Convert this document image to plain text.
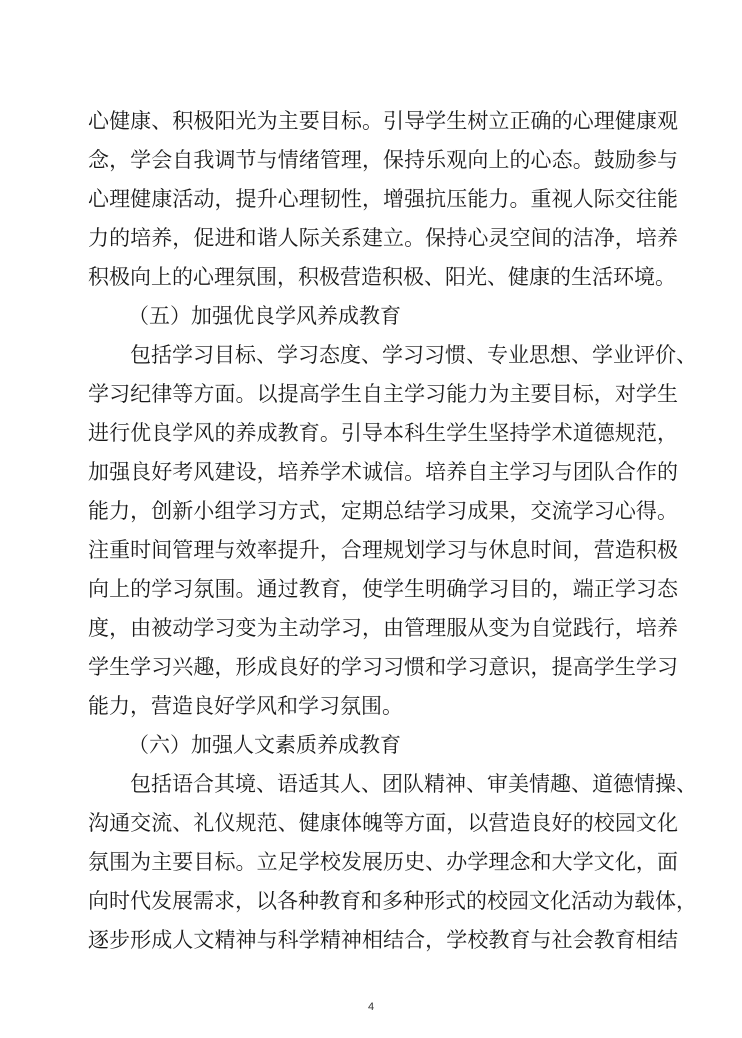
心健康、积极阳光为主要目标。引导学生树立正确的心理健康观
念，学会自我调节与情绪管理，保持乐观向上的心态。鼓励参与
心理健康活动，提升心理韧性，增强抗压能力。重视人际交往能
力的培养，促进和谐人际关系建立。保持心灵空间的洁净，培养
积极向上的心理氛围，积极营造积极、阳光、健康的生活环境。
（五）加强优良学风养成教育
包括学习目标、学习态度、学习习惯、专业思想、学业评价、
学习纪律等方面。以提高学生自主学习能力为主要目标，对学生
进行优良学风的养成教育。引导本科生学生坚持学术道德规范，
加强良好考风建设，培养学术诚信。培养自主学习与团队合作的
能力，创新小组学习方式，定期总结学习成果，交流学习心得。
注重时间管理与效率提升，合理规划学习与休息时间，营造积极
向上的学习氛围。通过教育，使学生明确学习目的，端正学习态
度，由被动学习变为主动学习，由管理服从变为自觉践行，培养
学生学习兴趣，形成良好的学习习惯和学习意识，提高学生学习
能力，营造良好学风和学习氛围。
（六）加强人文素质养成教育
包括语合其境、语适其人、团队精神、审美情趣、道德情操、
沟通交流、礼仪规范、健康体魄等方面，以营造良好的校园文化
氛围为主要目标。立足学校发展历史、办学理念和大学文化，面
向时代发展需求，以各种教育和多种形式的校园文化活动为载体，
逐步形成人文精神与科学精神相结合，学校教育与社会教育相结
4
